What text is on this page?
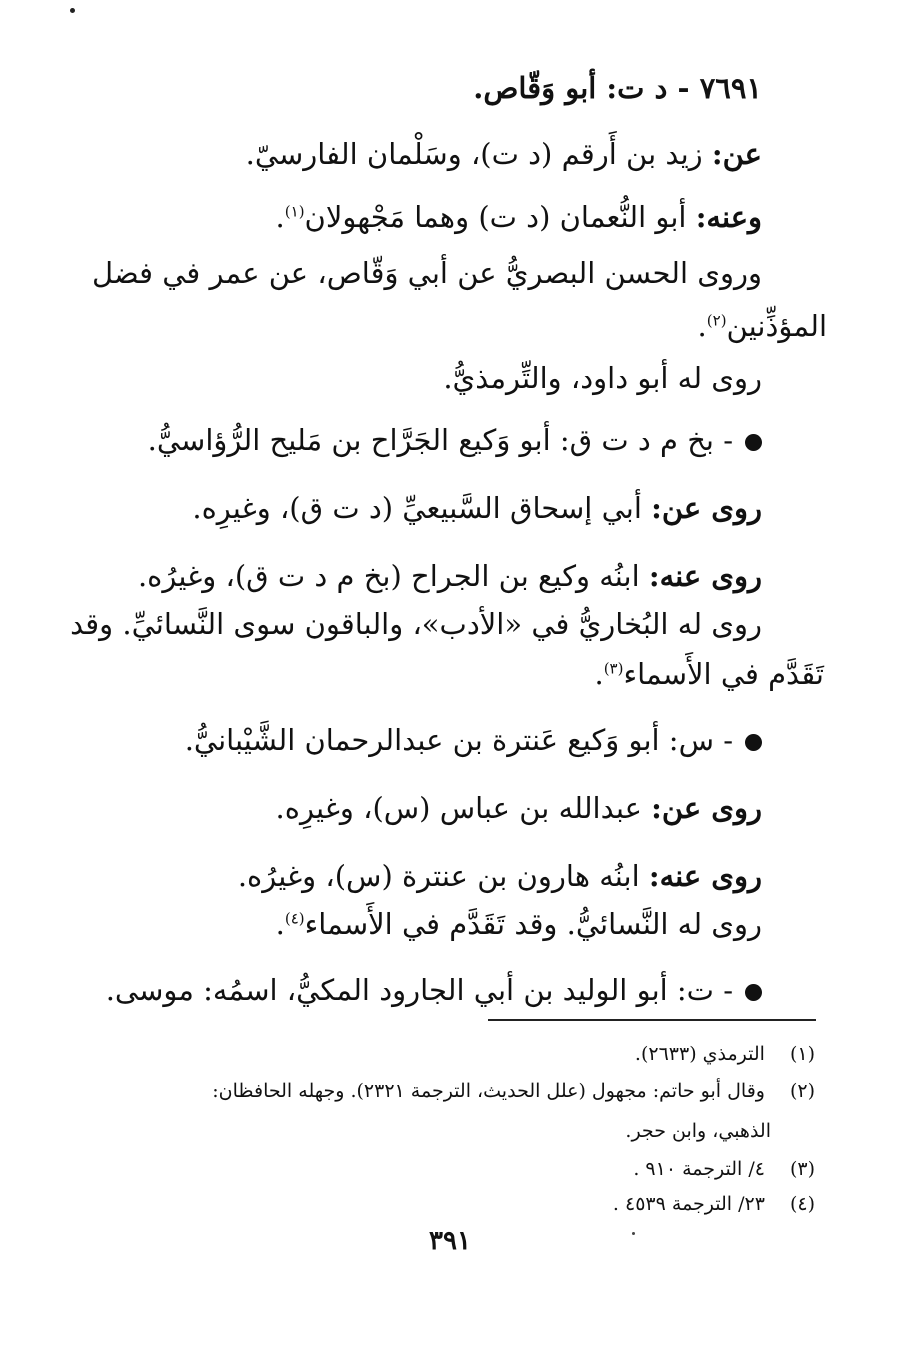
٧٦٩١ - د ت: أبو وَقّاص.
عن: زيد بن أَرقم (د ت)، وسَلْمان الفارسيّ.
وعنه: أبو النُّعمان (د ت) وهما مَجْهولان$^{(١)}$.
وروى الحسن البصريُّ عن أبي وَقّاص، عن عمر في فضل
المؤذِّنين$^{(٢)}$.
روى له أبو داود، والتِّرمذيُّ.
- بخ م د ت ق: أبو وَكيع الجَرَّاح بن مَليح الرُّؤاسيُّ.
روى عن: أبي إسحاق السَّبيعيِّ (د ت ق)، وغيرِه.
روى عنه: ابنُه وكيع بن الجراح (بخ م د ت ق)، وغيرُه.
روى له البُخاريُّ في «الأدب»، والباقون سوى النَّسائيِّ. وقد
تَقَدَّم في الأَسماء$^{(٣)}$.
- س: أبو وَكيع عَنترة بن عبدالرحمان الشَّيْبانيُّ.
روى عن: عبدالله بن عباس (س)، وغيرِه.
روى عنه: ابنُه هارون بن عنترة (س)، وغيرُه.
روى له النَّسائيُّ. وقد تَقَدَّم في الأَسماء$^{(٤)}$.
- ت: أبو الوليد بن أبي الجارود المكيُّ، اسمُه: موسى.
(١) الترمذي (٢٦٣٣).
(٢) وقال أبو حاتم: مجهول (علل الحديث، الترجمة ٢٣٢١). وجهله الحافظان:
الذهبي، وابن حجر.
(٣) ٤/ الترجمة ٩١٠ .
(٤) ٢٣/ الترجمة ٤٥٣٩ .
٣٩١
